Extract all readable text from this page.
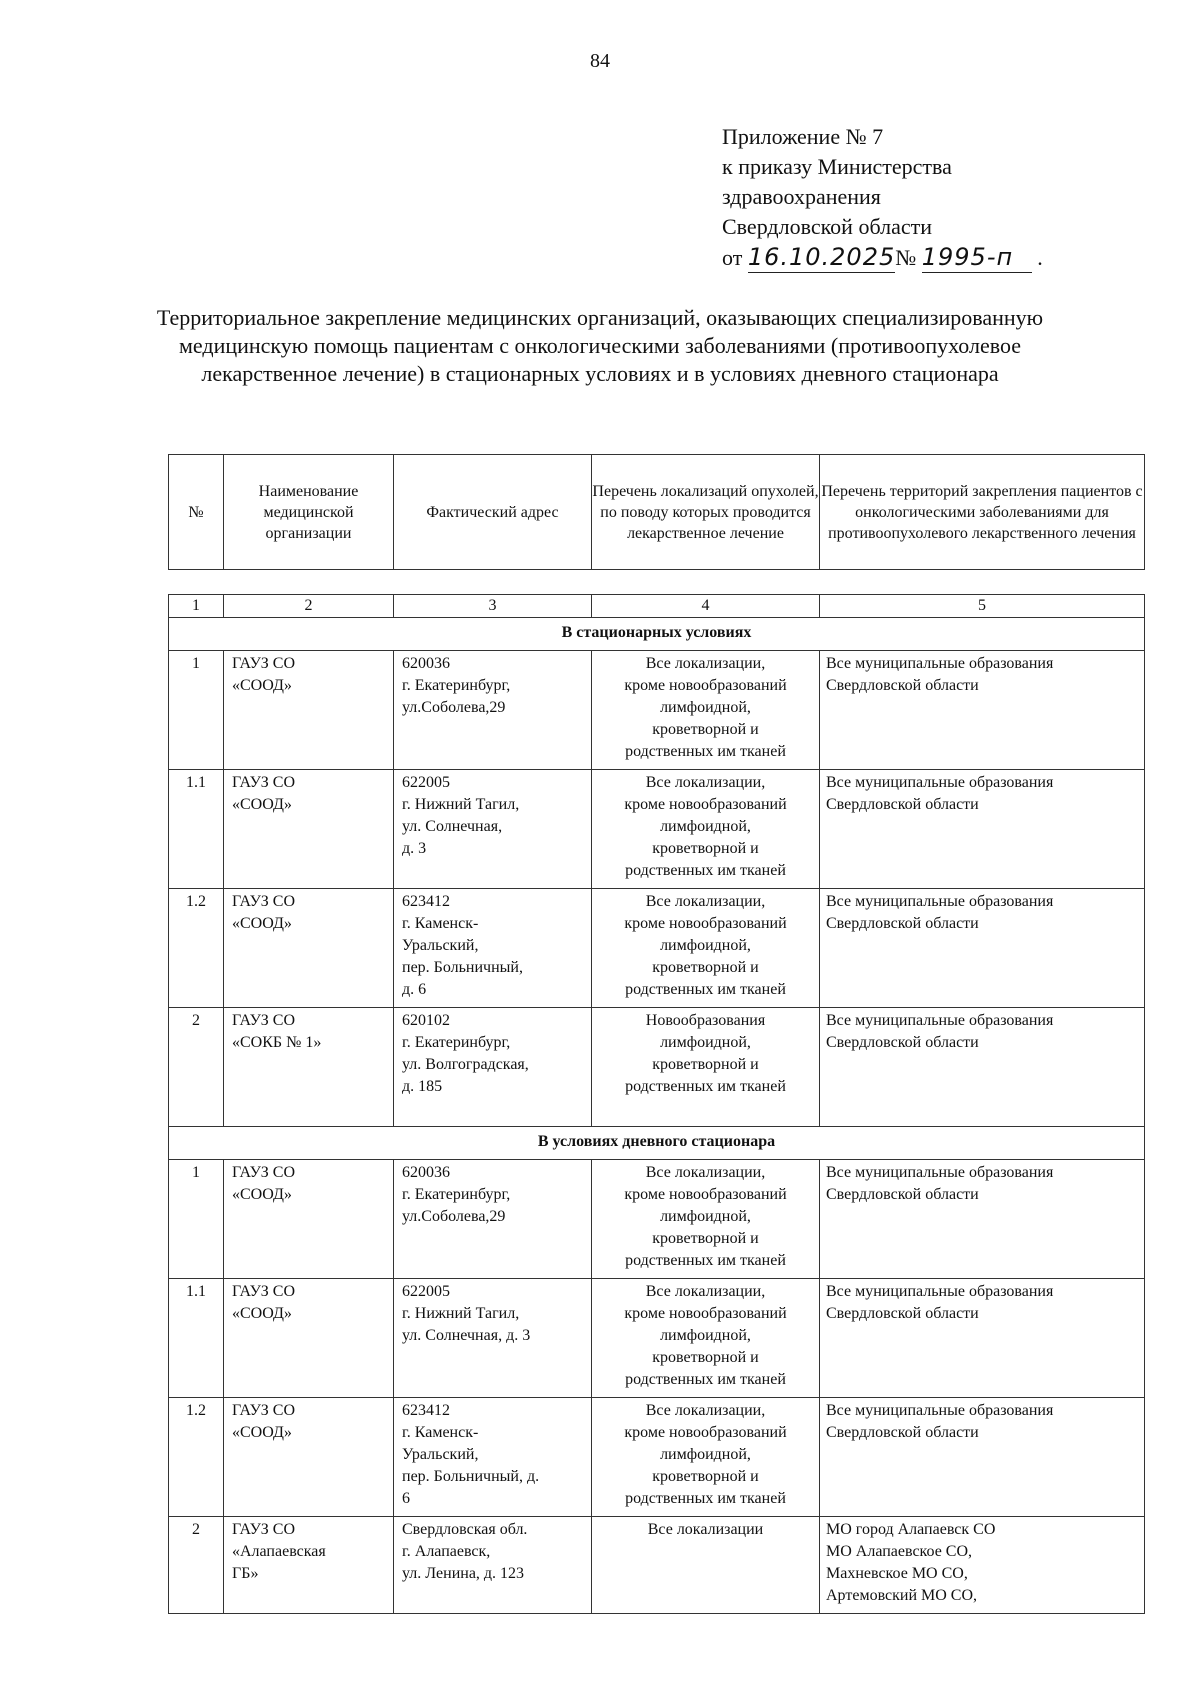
84
Приложение № 7
к приказу Министерства
здравоохранения
Свердловской области
от 16.10.2025№ 1995-п .
Территориальное закрепление медицинских организаций, оказывающих специализированную медицинскую помощь пациентам с онкологическими заболеваниями (противоопухолевое лекарственное лечение) в стационарных условиях и в условиях дневного стационара
№	Наименование медицинской организации	Фактический адрес	Перечень локализаций опухолей, по поводу которых проводится лекарственное лечение	Перечень территорий закрепления пациентов с онкологическими заболеваниями для противоопухолевого лекарственного лечения
1	2	3	4	5
В стационарных условиях				
1	ГАУЗ СО
«СООД»	620036
г. Екатеринбург,
ул.Соболева,29	Все локализации,
кроме новообразований
лимфоидной,
кроветворной и
родственных им тканей	Все муниципальные образования Свердловской области
1.1	ГАУЗ СО
«СООД»	622005
г. Нижний Тагил,
ул. Солнечная,
д. 3	Все локализации,
кроме новообразований
лимфоидной,
кроветворной и
родственных им тканей	Все муниципальные образования Свердловской области
1.2	ГАУЗ СО
«СООД»	623412
г. Каменск-
Уральский,
пер. Больничный,
д. 6	Все локализации,
кроме новообразований
лимфоидной,
кроветворной и
родственных им тканей	Все муниципальные образования Свердловской области
2	ГАУЗ СО
«СОКБ № 1»	620102
г. Екатеринбург,
ул. Волгоградская,
д. 185	Новообразования
лимфоидной,
кроветворной и
родственных им тканей	Все муниципальные образования Свердловской области
В условиях дневного стационара				
1	ГАУЗ СО
«СООД»	620036
г. Екатеринбург,
ул.Соболева,29	Все локализации,
кроме новообразований
лимфоидной,
кроветворной и
родственных им тканей	Все муниципальные образования Свердловской области
1.1	ГАУЗ СО
«СООД»	622005
г. Нижний Тагил,
ул. Солнечная, д. 3	Все локализации,
кроме новообразований
лимфоидной,
кроветворной и
родственных им тканей	Все муниципальные образования Свердловской области
1.2	ГАУЗ СО
«СООД»	623412
г. Каменск-
Уральский,
пер. Больничный, д.
6	Все локализации,
кроме новообразований
лимфоидной,
кроветворной и
родственных им тканей	Все муниципальные образования Свердловской области
2	ГАУЗ СО
«Алапаевская
ГБ»	Свердловская обл.
г. Алапаевск,
ул. Ленина, д. 123	Все локализации	МО город Алапаевск СО
МО Алапаевское СО,
Махневское МО СО,
Артемовский МО СО,
